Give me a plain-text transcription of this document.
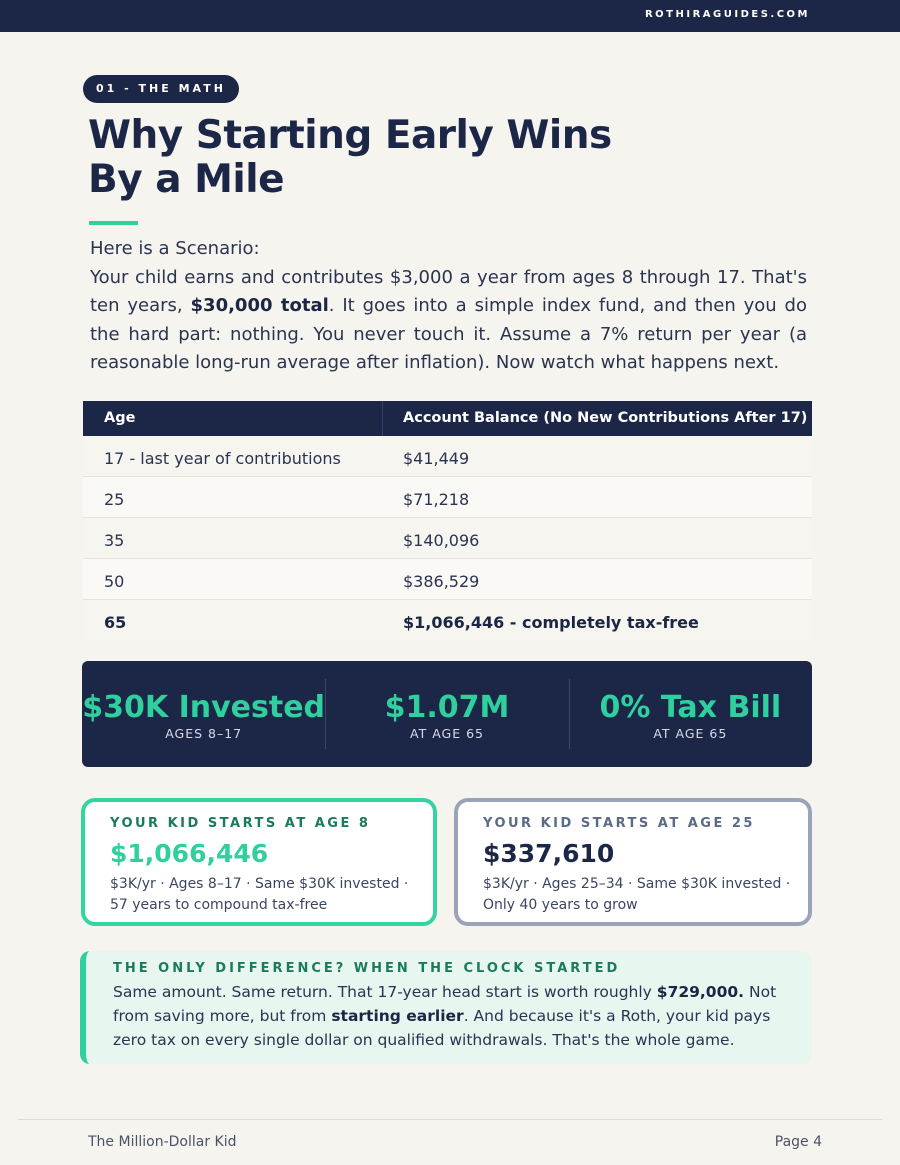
ROTHIRAGUIDES.COM
01 - THE MATH
Why Starting Early Wins
By a Mile
Here is a Scenario:
Your child earns and contributes $3,000 a year from ages 8 through 17. That's ten years, $30,000 total. It goes into a simple index fund, and then you do the hard part: nothing. You never touch it. Assume a 7% return per year (a reasonable long-run average after inflation). Now watch what happens next.
Age	Account Balance (No New Contributions After 17)
17 - last year of contributions	$41,449
25	$71,218
35	$140,096
50	$386,529
65	$1,066,446 - completely tax-free
$30K Invested
AGES 8–17
$1.07M
AT AGE 65
0% Tax Bill
AT AGE 65
YOUR KID STARTS AT AGE 8
$1,066,446
$3K/yr · Ages 8–17 · Same $30K invested · 57 years to compound tax-free
YOUR KID STARTS AT AGE 25
$337,610
$3K/yr · Ages 25–34 · Same $30K invested · Only 40 years to grow
THE ONLY DIFFERENCE? WHEN THE CLOCK STARTED
Same amount. Same return. That 17-year head start is worth roughly $729,000. Not from saving more, but from starting earlier. And because it's a Roth, your kid pays zero tax on every single dollar on qualified withdrawals. That's the whole game.
The Million-Dollar Kid	Page 4
